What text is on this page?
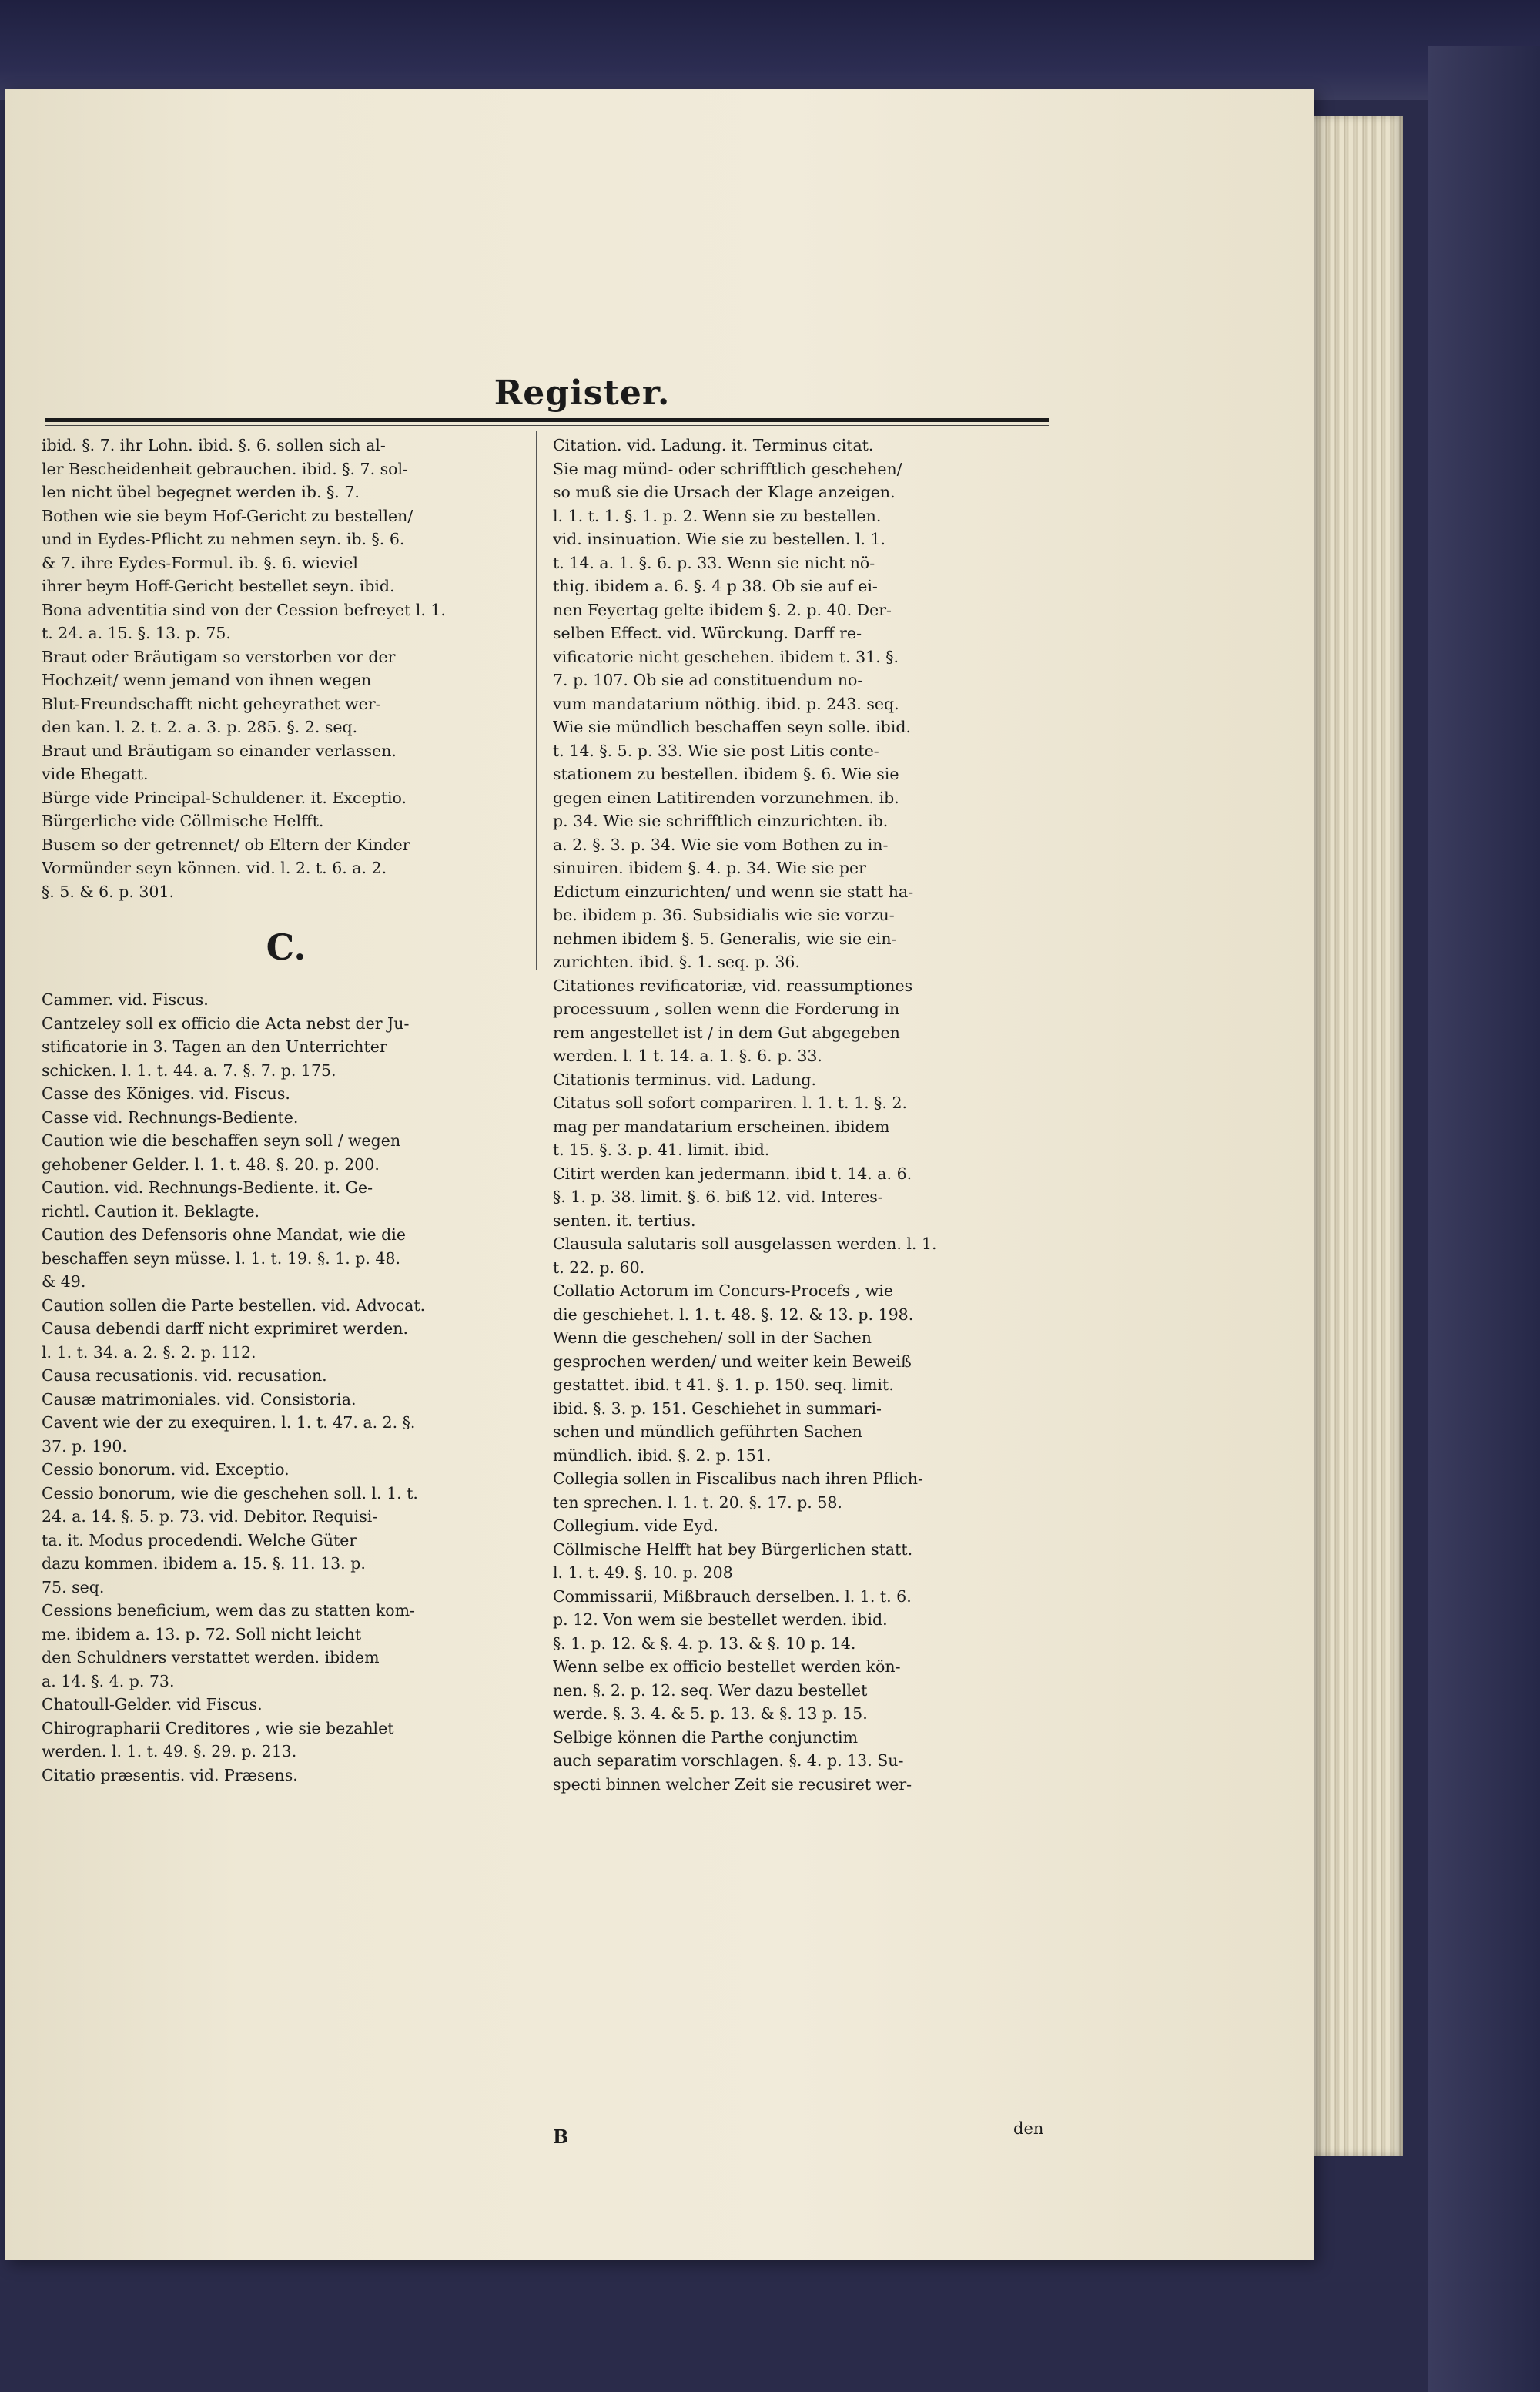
Register.
ibid. §. 7. ihr Lohn. ibid. §. 6. sollen sich al-
ler Bescheidenheit gebrauchen. ibid. §. 7. sol-
len nicht übel begegnet werden ib. §. 7.
Bothen wie sie beym Hof-Gericht zu bestellen/
und in Eydes-Pflicht zu nehmen seyn. ib. §. 6.
& 7. ihre Eydes-Formul. ib. §. 6. wieviel
ihrer beym Hoff-Gericht bestellet seyn. ibid.
Bona adventitia sind von der Cession befreyet l. 1.
t. 24. a. 15. §. 13. p. 75.
Braut oder Bräutigam so verstorben vor der
Hochzeit/ wenn jemand von ihnen wegen
Blut-Freundschafft nicht geheyrathet wer-
den kan. l. 2. t. 2. a. 3. p. 285. §. 2. seq.
Braut und Bräutigam so einander verlassen.
vide Ehegatt.
Bürge vide Principal-Schuldener. it. Exceptio.
Bürgerliche vide Cöllmische Helfft.
Busem so der getrennet/ ob Eltern der Kinder
Vormünder seyn können. vid. l. 2. t. 6. a. 2.
§. 5. & 6. p. 301.
C.
Cammer. vid. Fiscus.
Cantzeley soll ex officio die Acta nebst der Ju-
stificatorie in 3. Tagen an den Unterrichter
schicken. l. 1. t. 44. a. 7. §. 7. p. 175.
Casse des Königes. vid. Fiscus.
Casse vid. Rechnungs-Bediente.
Caution wie die beschaffen seyn soll / wegen
gehobener Gelder. l. 1. t. 48. §. 20. p. 200.
Caution. vid. Rechnungs-Bediente. it. Ge-
richtl. Caution it. Beklagte.
Caution des Defensoris ohne Mandat, wie die
beschaffen seyn müsse. l. 1. t. 19. §. 1. p. 48.
& 49.
Caution sollen die Parte bestellen. vid. Advocat.
Causa debendi darff nicht exprimiret werden.
l. 1. t. 34. a. 2. §. 2. p. 112.
Causa recusationis. vid. recusation.
Causæ matrimoniales. vid. Consistoria.
Cavent wie der zu exequiren. l. 1. t. 47. a. 2. §.
37. p. 190.
Cessio bonorum. vid. Exceptio.
Cessio bonorum, wie die geschehen soll. l. 1. t.
24. a. 14. §. 5. p. 73. vid. Debitor. Requisi-
ta. it. Modus procedendi. Welche Güter
dazu kommen. ibidem a. 15. §. 11. 13. p.
75. seq.
Cessions beneficium, wem das zu statten kom-
me. ibidem a. 13. p. 72. Soll nicht leicht
den Schuldners verstattet werden. ibidem
a. 14. §. 4. p. 73.
Chatoull-Gelder. vid Fiscus.
Chirographarii Creditores , wie sie bezahlet
werden. l. 1. t. 49. §. 29. p. 213.
Citatio præsentis. vid. Præsens.
Citation. vid. Ladung. it. Terminus citat.
Sie mag münd- oder schrifftlich geschehen/
so muß sie die Ursach der Klage anzeigen.
l. 1. t. 1. §. 1. p. 2. Wenn sie zu bestellen.
vid. insinuation. Wie sie zu bestellen. l. 1.
t. 14. a. 1. §. 6. p. 33. Wenn sie nicht nö-
thig. ibidem a. 6. §. 4 p 38. Ob sie auf ei-
nen Feyertag gelte ibidem §. 2. p. 40. Der-
selben Effect. vid. Würckung. Darff re-
vificatorie nicht geschehen. ibidem t. 31. §.
7. p. 107. Ob sie ad constituendum no-
vum mandatarium nöthig. ibid. p. 243. seq.
Wie sie mündlich beschaffen seyn solle. ibid.
t. 14. §. 5. p. 33. Wie sie post Litis conte-
stationem zu bestellen. ibidem §. 6. Wie sie
gegen einen Latitirenden vorzunehmen. ib.
p. 34. Wie sie schrifftlich einzurichten. ib.
a. 2. §. 3. p. 34. Wie sie vom Bothen zu in-
sinuiren. ibidem §. 4. p. 34. Wie sie per
Edictum einzurichten/ und wenn sie statt ha-
be. ibidem p. 36. Subsidialis wie sie vorzu-
nehmen ibidem §. 5. Generalis, wie sie ein-
zurichten. ibid. §. 1. seq. p. 36.
Citationes revificatoriæ, vid. reassumptiones
processuum , sollen wenn die Forderung in
rem angestellet ist / in dem Gut abgegeben
werden. l. 1 t. 14. a. 1. §. 6. p. 33.
Citationis terminus. vid. Ladung.
Citatus soll sofort compariren. l. 1. t. 1. §. 2.
mag per mandatarium erscheinen. ibidem
t. 15. §. 3. p. 41. limit. ibid.
Citirt werden kan jedermann. ibid t. 14. a. 6.
§. 1. p. 38. limit. §. 6. biß 12. vid. Interes-
senten. it. tertius.
Clausula salutaris soll ausgelassen werden. l. 1.
t. 22. p. 60.
Collatio Actorum im Concurs-Procefs , wie
die geschiehet. l. 1. t. 48. §. 12. & 13. p. 198.
Wenn die geschehen/ soll in der Sachen
gesprochen werden/ und weiter kein Beweiß
gestattet. ibid. t 41. §. 1. p. 150. seq. limit.
ibid. §. 3. p. 151. Geschiehet in summari-
schen und mündlich geführten Sachen
mündlich. ibid. §. 2. p. 151.
Collegia sollen in Fiscalibus nach ihren Pflich-
ten sprechen. l. 1. t. 20. §. 17. p. 58.
Collegium. vide Eyd.
Cöllmische Helfft hat bey Bürgerlichen statt.
l. 1. t. 49. §. 10. p. 208
Commissarii, Mißbrauch derselben. l. 1. t. 6.
p. 12. Von wem sie bestellet werden. ibid.
§. 1. p. 12. & §. 4. p. 13. & §. 10 p. 14.
Wenn selbe ex officio bestellet werden kön-
nen. §. 2. p. 12. seq. Wer dazu bestellet
werde. §. 3. 4. & 5. p. 13. & §. 13 p. 15.
Selbige können die Parthe conjunctim
auch separatim vorschlagen. §. 4. p. 13. Su-
specti binnen welcher Zeit sie recusiret wer-
B	den
